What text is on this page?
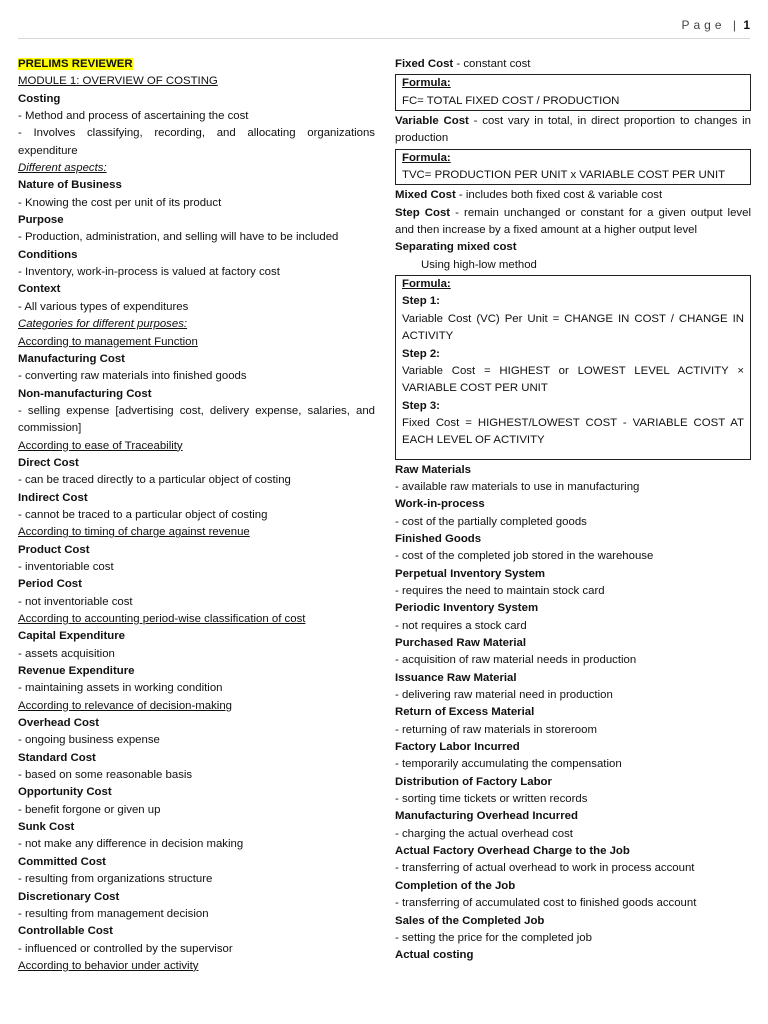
Page | 1
PRELIMS REVIEWER
MODULE 1: OVERVIEW OF COSTING
Costing
- Method and process of ascertaining the cost
- Involves classifying, recording, and allocating organizations expenditure
Different aspects:
Nature of Business
- Knowing the cost per unit of its product
Purpose
- Production, administration, and selling will have to be included
Conditions
- Inventory, work-in-process is valued at factory cost
Context
- All various types of expenditures
Categories for different purposes:
According to management Function
Manufacturing Cost
- converting raw materials into finished goods
Non-manufacturing Cost
- selling expense [advertising cost, delivery expense, salaries, and commission]
According to ease of Traceability
Direct Cost
- can be traced directly to a particular object of costing
Indirect Cost
- cannot be traced to a particular object of costing
According to timing of charge against revenue
Product Cost
- inventoriable cost
Period Cost
- not inventoriable cost
According to accounting period-wise classification of cost
Capital Expenditure
- assets acquisition
Revenue Expenditure
- maintaining assets in working condition
According to relevance of decision-making
Overhead Cost
- ongoing business expense
Standard Cost
- based on some reasonable basis
Opportunity Cost
- benefit forgone or given up
Sunk Cost
- not make any difference in decision making
Committed Cost
- resulting from organizations structure
Discretionary Cost
- resulting from management decision
Controllable Cost
- influenced or controlled by the supervisor
According to behavior under activity
Fixed Cost - constant cost
Formula:
FC= TOTAL FIXED COST / PRODUCTION
Variable Cost - cost vary in total, in direct proportion to changes in production
Formula:
TVC= PRODUCTION PER UNIT x VARIABLE COST PER UNIT
Mixed Cost - includes both fixed cost & variable cost
Step Cost - remain unchanged or constant for a given output level and then increase by a fixed amount at a higher output level
Separating mixed cost
Using high-low method
Formula:
Step 1:
Variable Cost (VC) Per Unit = CHANGE IN COST / CHANGE IN ACTIVITY
Step 2:
Variable Cost = HIGHEST or LOWEST LEVEL ACTIVITY × VARIABLE COST PER UNIT
Step 3:
Fixed Cost = HIGHEST/LOWEST COST - VARIABLE COST AT EACH LEVEL OF ACTIVITY
Raw Materials
- available raw materials to use in manufacturing
Work-in-process
- cost of the partially completed goods
Finished Goods
- cost of the completed job stored in the warehouse
Perpetual Inventory System
- requires the need to maintain stock card
Periodic Inventory System
- not requires a stock card
Purchased Raw Material
- acquisition of raw material needs in production
Issuance Raw Material
- delivering raw material need in production
Return of Excess Material
- returning of raw materials in storeroom
Factory Labor Incurred
- temporarily accumulating the compensation
Distribution of Factory Labor
- sorting time tickets or written records
Manufacturing Overhead Incurred
- charging the actual overhead cost
Actual Factory Overhead Charge to the Job
- transferring of actual overhead to work in process account
Completion of the Job
- transferring of accumulated cost to finished goods account
Sales of the Completed Job
- setting the price for the completed job
Actual costing
